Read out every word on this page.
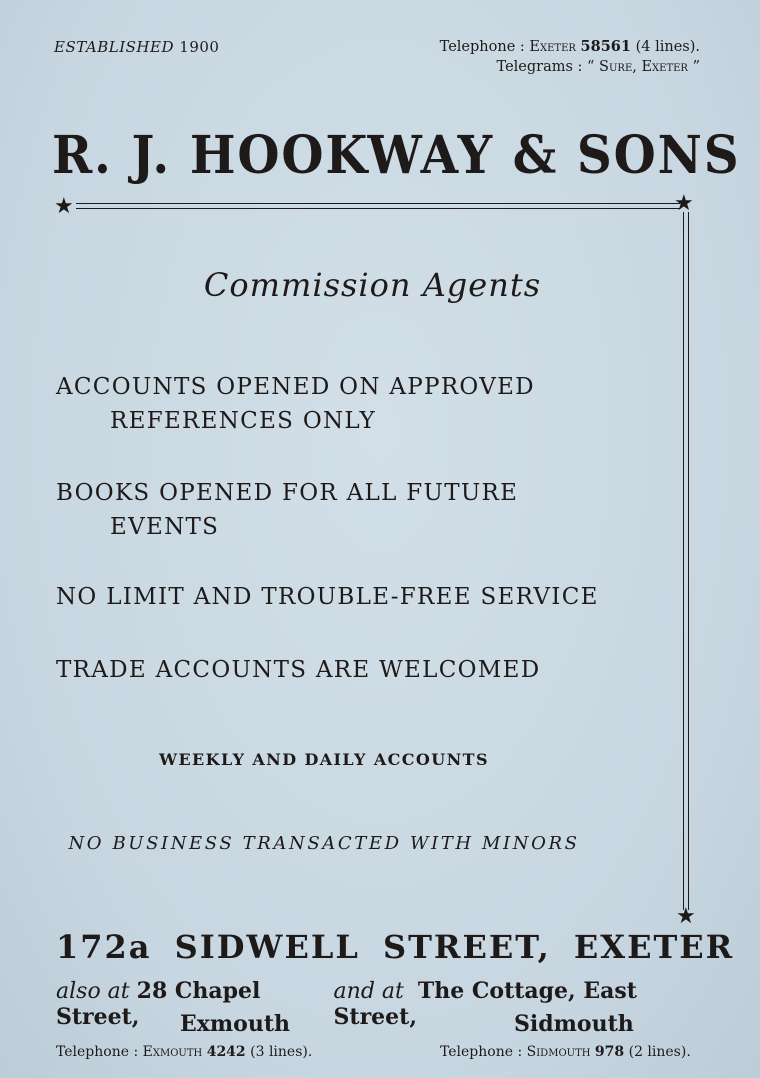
ESTABLISHED 1900	Telephone : Exeter 58561 (4 lines).
Telegrams : “ Sure, Exeter ”
R. J. HOOKWAY & SONS
★	★
★
Commission Agents
ACCOUNTS OPENED ON APPROVED
REFERENCES ONLY
BOOKS OPENED FOR ALL FUTURE
EVENTS
NO LIMIT AND TROUBLE-FREE SERVICE
TRADE ACCOUNTS ARE WELCOMED
WEEKLY AND DAILY ACCOUNTS
NO BUSINESS TRANSACTED WITH MINORS
172a SIDWELL STREET, EXETER
also at 28 Chapel Street,
and at The Cottage, East Street,
Exmouth	Sidmouth
Telephone : Exmouth 4242 (3 lines).	Telephone : Sidmouth 978 (2 lines).
